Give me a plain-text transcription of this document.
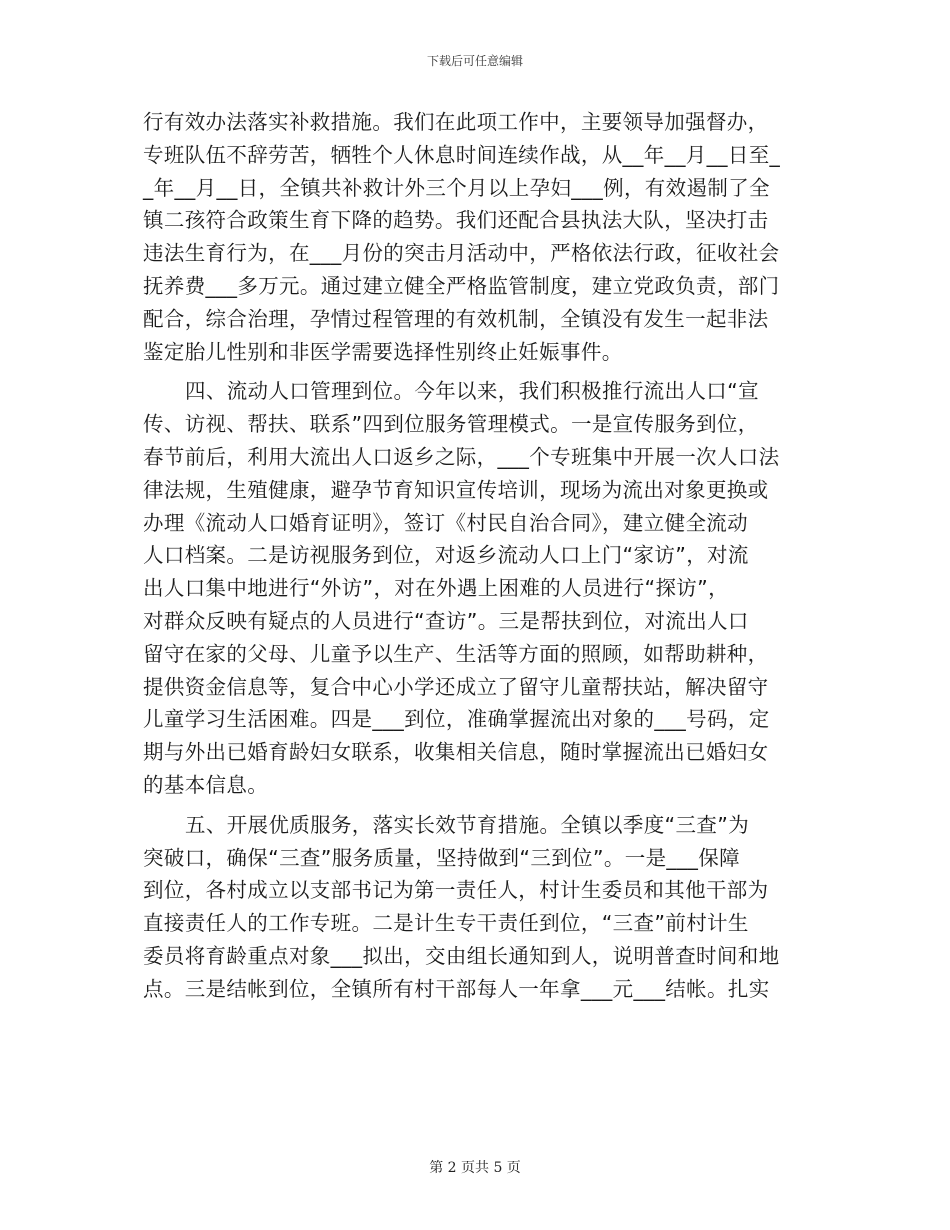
下载后可任意编辑
行有效办法落实补救措施。我们在此项工作中，主要领导加强督办，
专班队伍不辞劳苦，牺牲个人休息时间连续作战，从__年__月__日至_
_年__月__日，全镇共补救计外三个月以上孕妇___例，有效遏制了全
镇二孩符合政策生育下降的趋势。我们还配合县执法大队，坚决打击
违法生育行为，在___月份的突击月活动中，严格依法行政，征收社会
抚养费___多万元。通过建立健全严格监管制度，建立党政负责，部门
配合，综合治理，孕情过程管理的有效机制，全镇没有发生一起非法
鉴定胎儿性别和非医学需要选择性别终止妊娠事件。
四、流动人口管理到位。今年以来，我们积极推行流出人口“宣
传、访视、帮扶、联系”四到位服务管理模式。一是宣传服务到位，
春节前后，利用大流出人口返乡之际，___个专班集中开展一次人口法
律法规，生殖健康，避孕节育知识宣传培训，现场为流出对象更换或
办理《流动人口婚育证明》，签订《村民自治合同》，建立健全流动
人口档案。二是访视服务到位，对返乡流动人口上门“家访”，对流
出人口集中地进行“外访”，对在外遇上困难的人员进行“探访”，
对群众反映有疑点的人员进行“查访”。三是帮扶到位，对流出人口
留守在家的父母、儿童予以生产、生活等方面的照顾，如帮助耕种，
提供资金信息等，复合中心小学还成立了留守儿童帮扶站，解决留守
儿童学习生活困难。四是___到位，准确掌握流出对象的___号码，定
期与外出已婚育龄妇女联系，收集相关信息，随时掌握流出已婚妇女
的基本信息。
五、开展优质服务，落实长效节育措施。全镇以季度“三查”为
突破口，确保“三查”服务质量，坚持做到“三到位”。一是___保障
到位，各村成立以支部书记为第一责任人，村计生委员和其他干部为
直接责任人的工作专班。二是计生专干责任到位，“三查”前村计生
委员将育龄重点对象___拟出，交由组长通知到人，说明普查时间和地
点。三是结帐到位，全镇所有村干部每人一年拿___元___结帐。扎实
第 2 页共 5 页
